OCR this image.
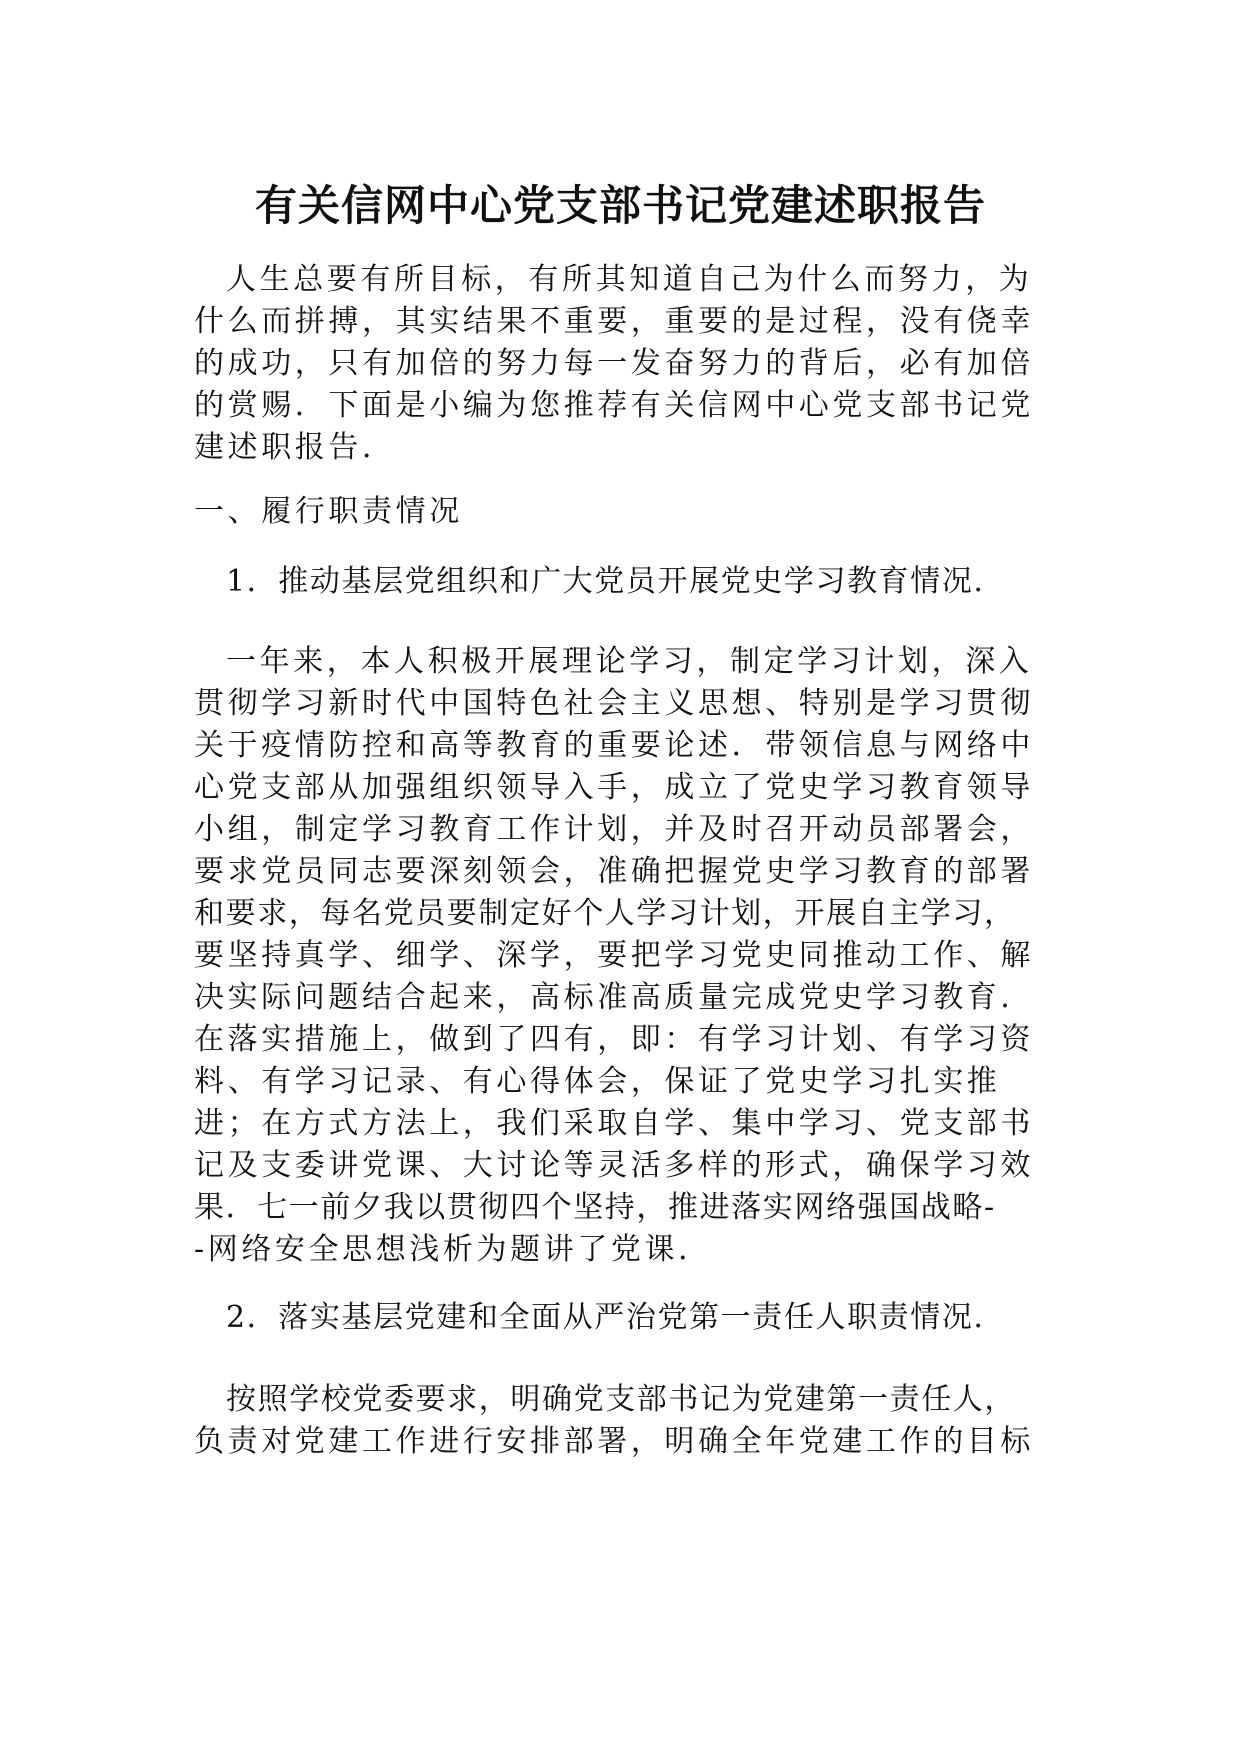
有关信网中心党支部书记党建述职报告

人生总要有所目标，有所其知道自己为什么而努力，为

什么而拼搏，其实结果不重要，重要的是过程，没有侥幸

的成功，只有加倍的努力每一发奋努力的背后，必有加倍

的赏赐．下面是小编为您推荐有关信网中心党支部书记党

建述职报告．

一、履行职责情况

1．推动基层党组织和广大党员开展党史学习教育情况．

一年来，本人积极开展理论学习，制定学习计划，深入

贯彻学习新时代中国特色社会主义思想、特别是学习贯彻

关于疫情防控和高等教育的重要论述．带领信息与网络中

心党支部从加强组织领导入手，成立了党史学习教育领导

小组，制定学习教育工作计划，并及时召开动员部署会，

要求党员同志要深刻领会，准确把握党史学习教育的部署

和要求，每名党员要制定好个人学习计划，开展自主学习，

要坚持真学、细学、深学，要把学习党史同推动工作、解

决实际问题结合起来，高标准高质量完成党史学习教育．

在落实措施上，做到了四有，即：有学习计划、有学习资

料、有学习记录、有心得体会，保证了党史学习扎实推

进；在方式方法上，我们采取自学、集中学习、党支部书

记及支委讲党课、大讨论等灵活多样的形式，确保学习效

果．七一前夕我以贯彻四个坚持，推进落实网络强国战略-

-网络安全思想浅析为题讲了党课．

2．落实基层党建和全面从严治党第一责任人职责情况．

按照学校党委要求，明确党支部书记为党建第一责任人，

负责对党建工作进行安排部署，明确全年党建工作的目标
